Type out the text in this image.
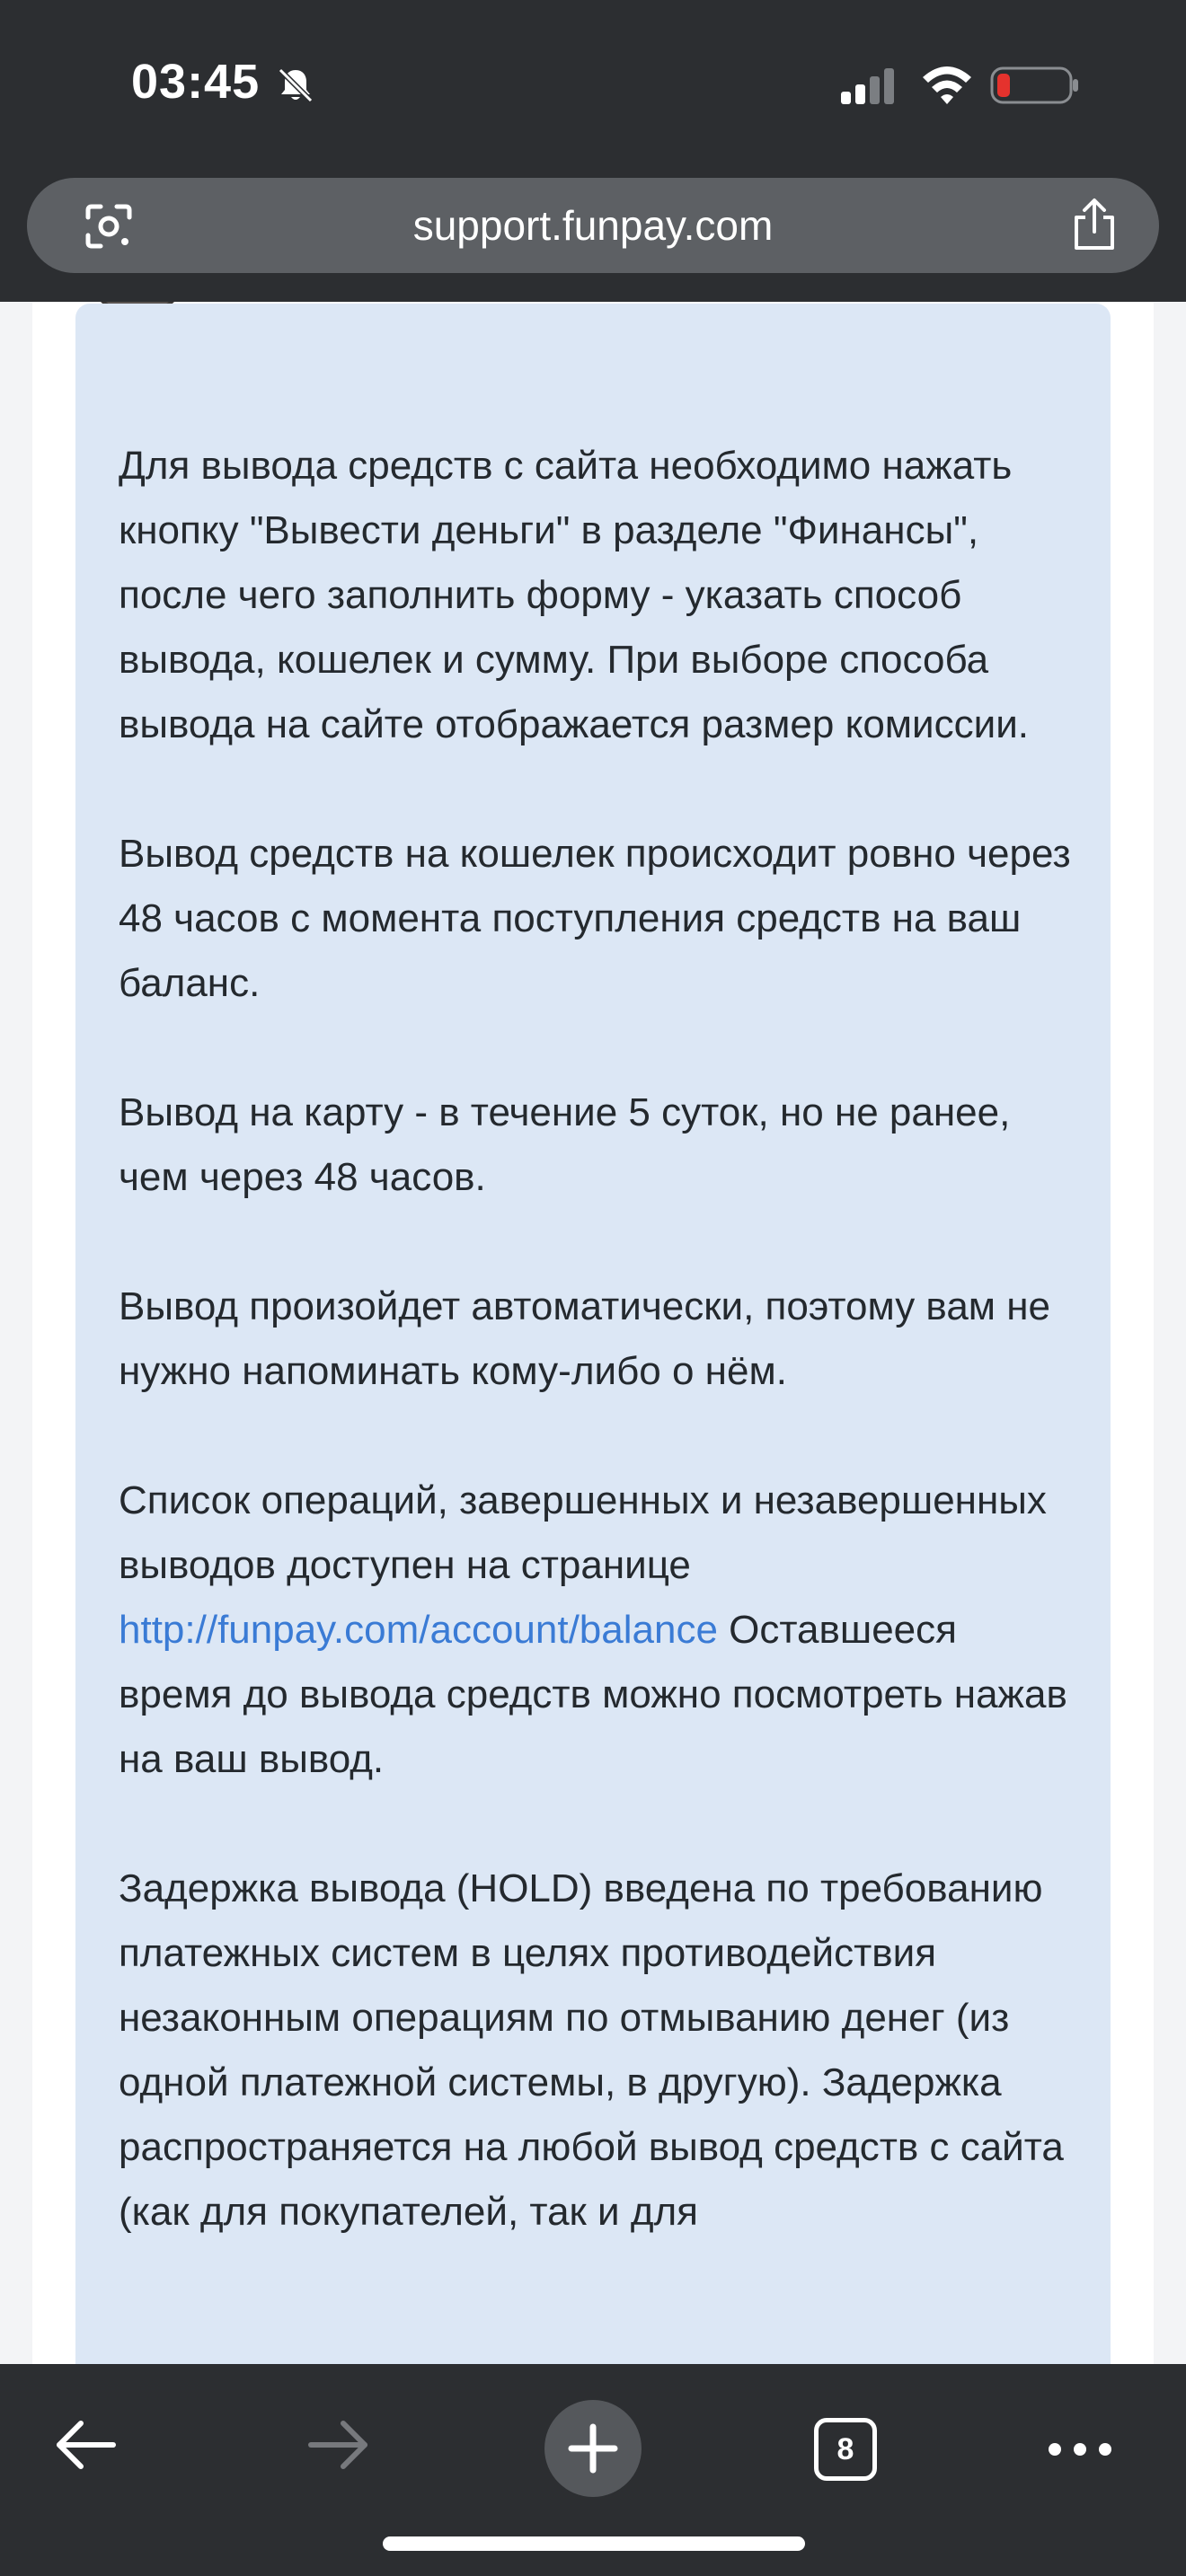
03:45
support.funpay.com

Для вывода средств с сайта необходимо нажать кнопку "Вывести деньги" в разделе "Финансы", после чего заполнить форму - указать способ вывода, кошелек и сумму. При выборе способа вывода на сайте отображается размер комиссии.

Вывод средств на кошелек происходит ровно через 48 часов с момента поступления средств на ваш баланс.

Вывод на карту - в течение 5 суток, но не ранее, чем через 48 часов.

Вывод произойдет автоматически, поэтому вам не нужно напоминать кому-либо о нём.

Список операций, завершенных и незавершенных выводов доступен на странице http://funpay.com/account/balance Оставшееся время до вывода средств можно посмотреть нажав на ваш вывод.

Задержка вывода (HOLD) введена по требованию платежных систем в целях противодействия незаконным операциям по отмыванию денег (из одной платежной системы, в другую). Задержка распространяется на любой вывод средств с сайта (как для покупателей, так и для

8
